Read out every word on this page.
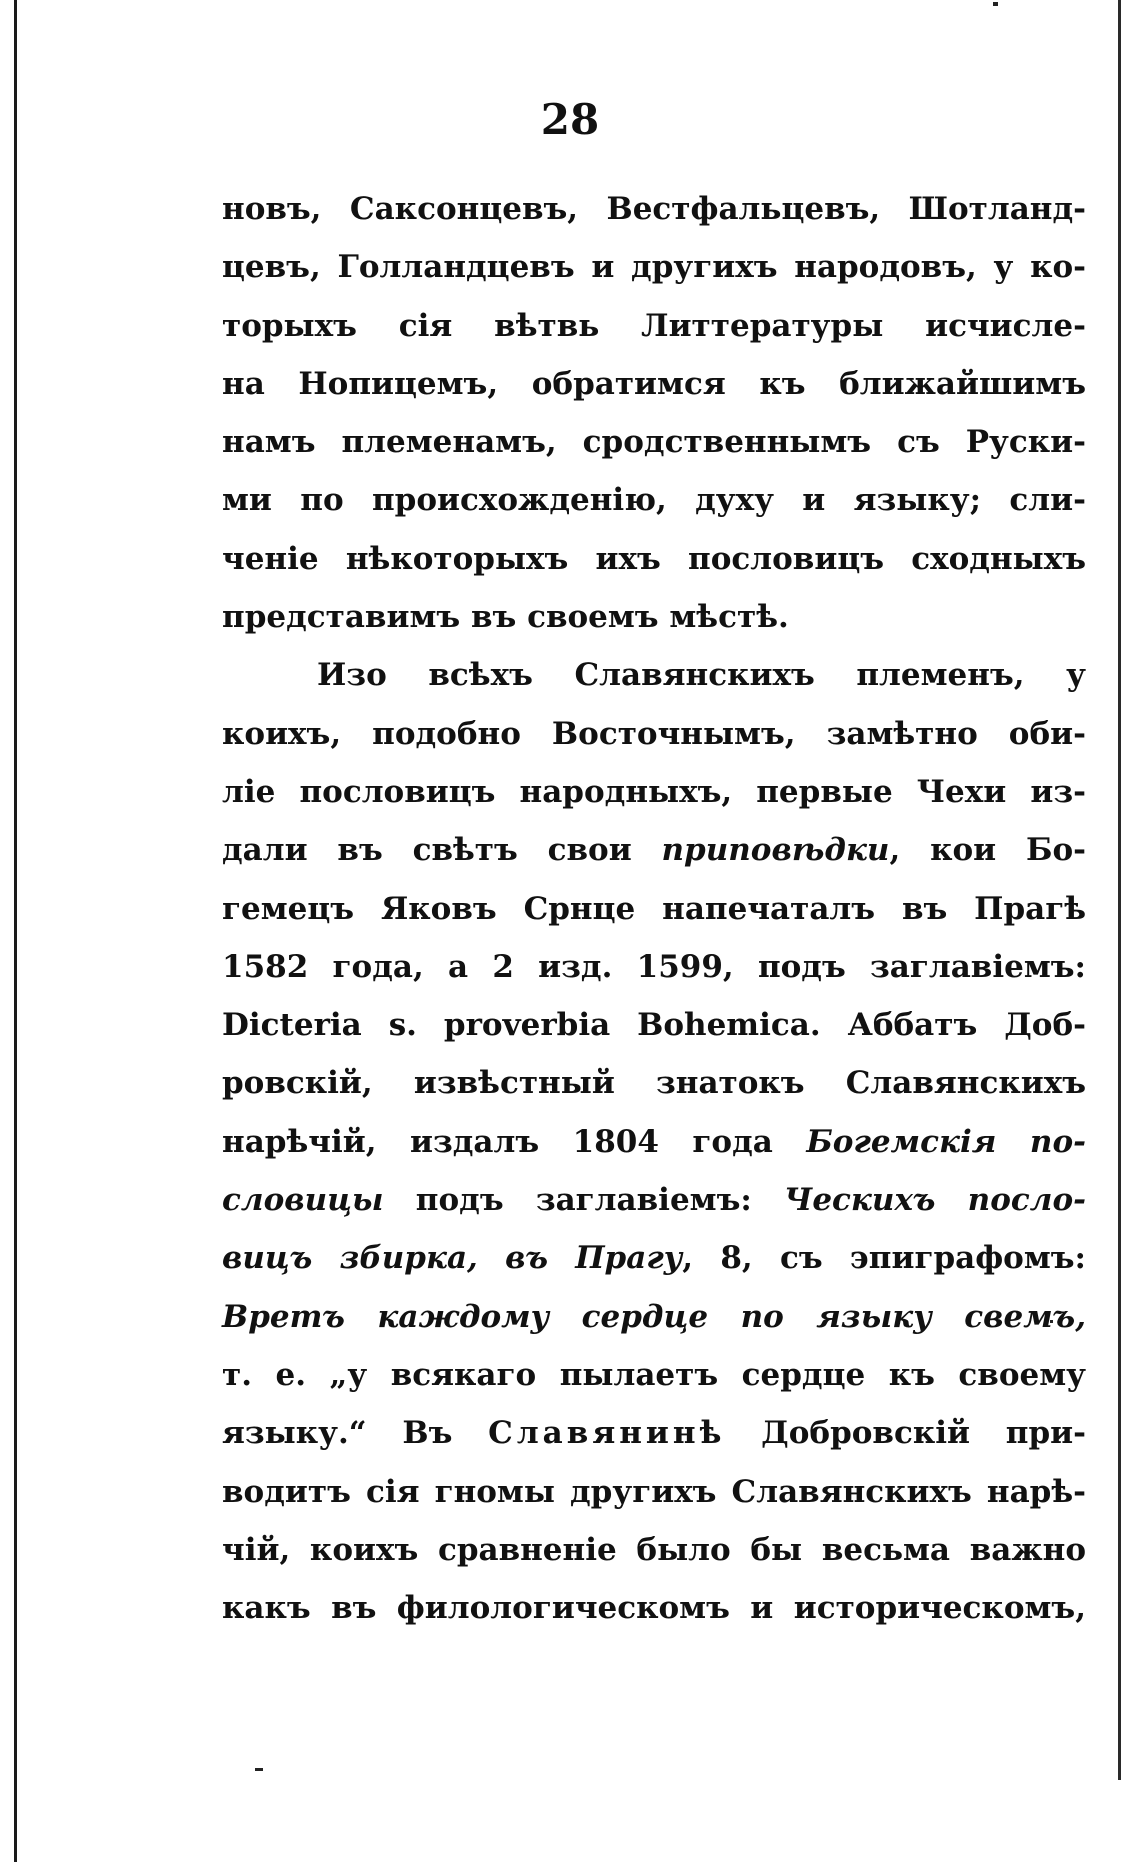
28
новъ, Саксонцевъ, Вестфальцевъ, Шотланд-
цевъ, Голландцевъ и другихъ народовъ, у ко-
торыхъ сія вѣтвь Литтературы исчисле-
на Нопицемъ, обратимся къ ближайшимъ
намъ племенамъ, сродственнымъ съ Руски-
ми по происхожденію, духу и языку; сли-
ченіе нѣкоторыхъ ихъ пословицъ сходныхъ
представимъ въ своемъ мѣстѣ.
Изо всѣхъ Славянскихъ племенъ, у
коихъ, подобно Восточнымъ, замѣтно оби-
ліе пословицъ народныхъ, первые Чехи из-
дали въ свѣтъ свои приповѣдки, кои Бо-
гемецъ Яковъ Срнце напечаталъ въ Прагѣ
1582 года, а 2 изд. 1599, подъ заглавіемъ:
Dicteria s. proverbia Bohemica. Аббатъ Доб-
ровскій, извѣстный знатокъ Славянскихъ
нарѣчій, издалъ 1804 года Богемскія по-
словицы подъ заглавіемъ: Ческихъ посло-
вицъ збирка, въ Прагу, 8, съ эпиграфомъ:
Вретъ каждому сердце по языку свемъ,
т. е. „у всякаго пылаетъ сердце къ своему
языку.“ Въ Славянинѣ Добровскій при-
водитъ сія гномы другихъ Славянскихъ нарѣ-
чій, коихъ сравненіе было бы весьма важно
какъ въ филологическомъ и историческомъ,
